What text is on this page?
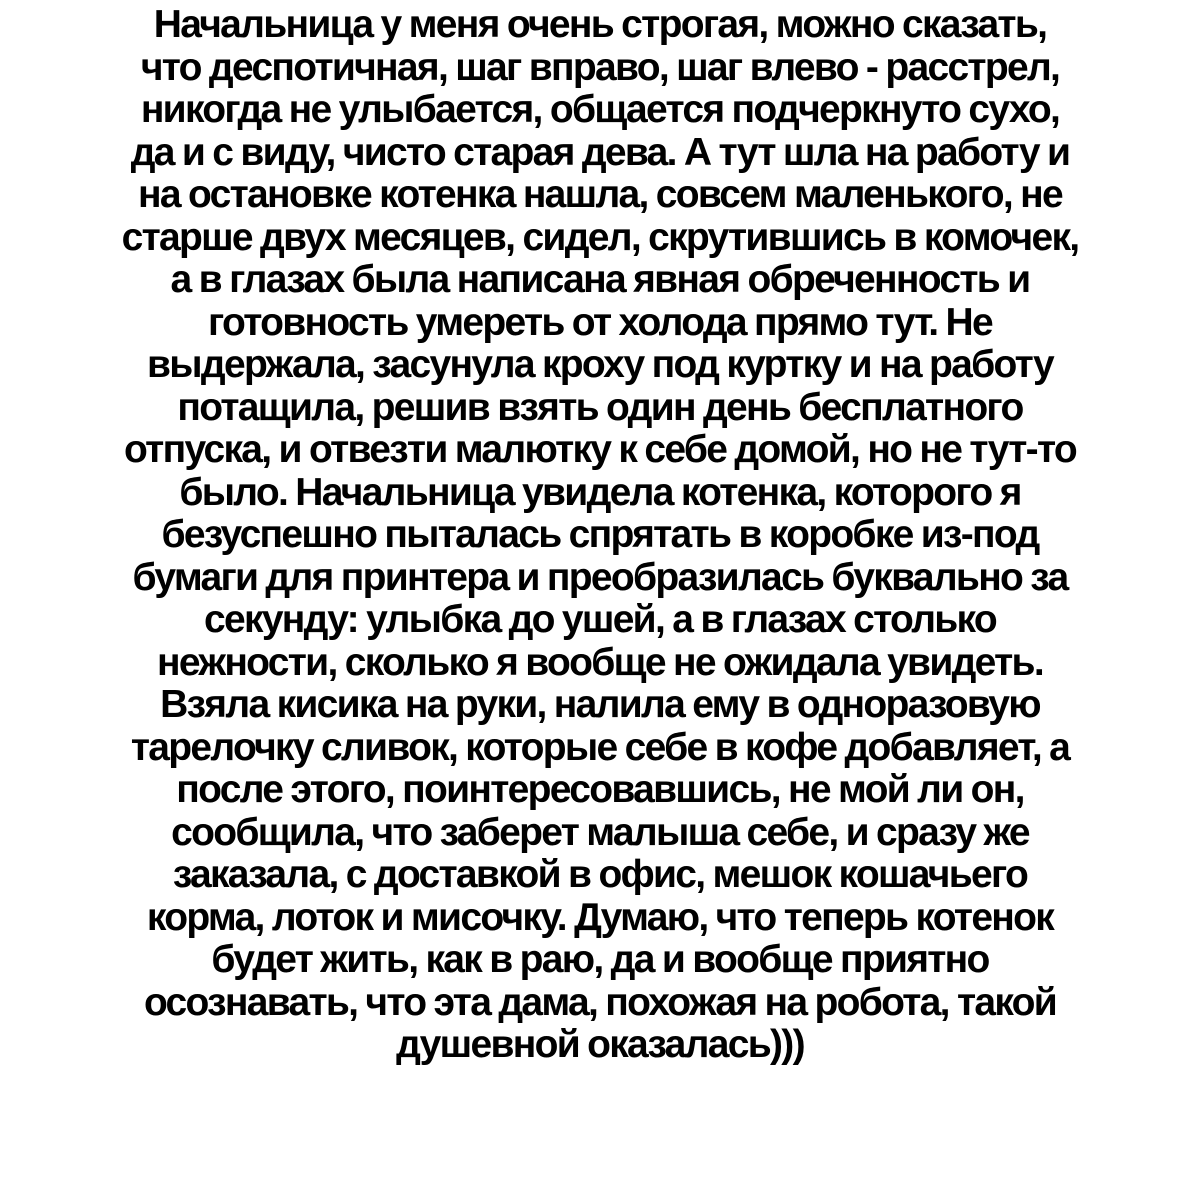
Начальница у меня очень строгая, можно сказать,
что деспотичная, шаг вправо, шаг влево - расстрел,
никогда не улыбается, общается подчеркнуто сухо,
да и с виду, чисто старая дева. А тут шла на работу и
на остановке котенка нашла, совсем маленького, не
старше двух месяцев, сидел, скрутившись в комочек,
а в глазах была написана явная обреченность и
готовность умереть от холода прямо тут. Не
выдержала, засунула кроху под куртку и на работу
потащила, решив взять один день бесплатного
отпуска, и отвезти малютку к себе домой, но не тут-то
было. Начальница увидела котенка, которого я
безуспешно пыталась спрятать в коробке из-под
бумаги для принтера и преобразилась буквально за
секунду: улыбка до ушей, а в глазах столько
нежности, сколько я вообще не ожидала увидеть.
Взяла кисика на руки, налила ему в одноразовую
тарелочку сливок, которые себе в кофе добавляет, а
после этого, поинтересовавшись, не мой ли он,
сообщила, что заберет малыша себе, и сразу же
заказала, с доставкой в офис, мешок кошачьего
корма, лоток и мисочку. Думаю, что теперь котенок
будет жить, как в раю, да и вообще приятно
осознавать, что эта дама, похожая на робота, такой
душевной оказалась)))
